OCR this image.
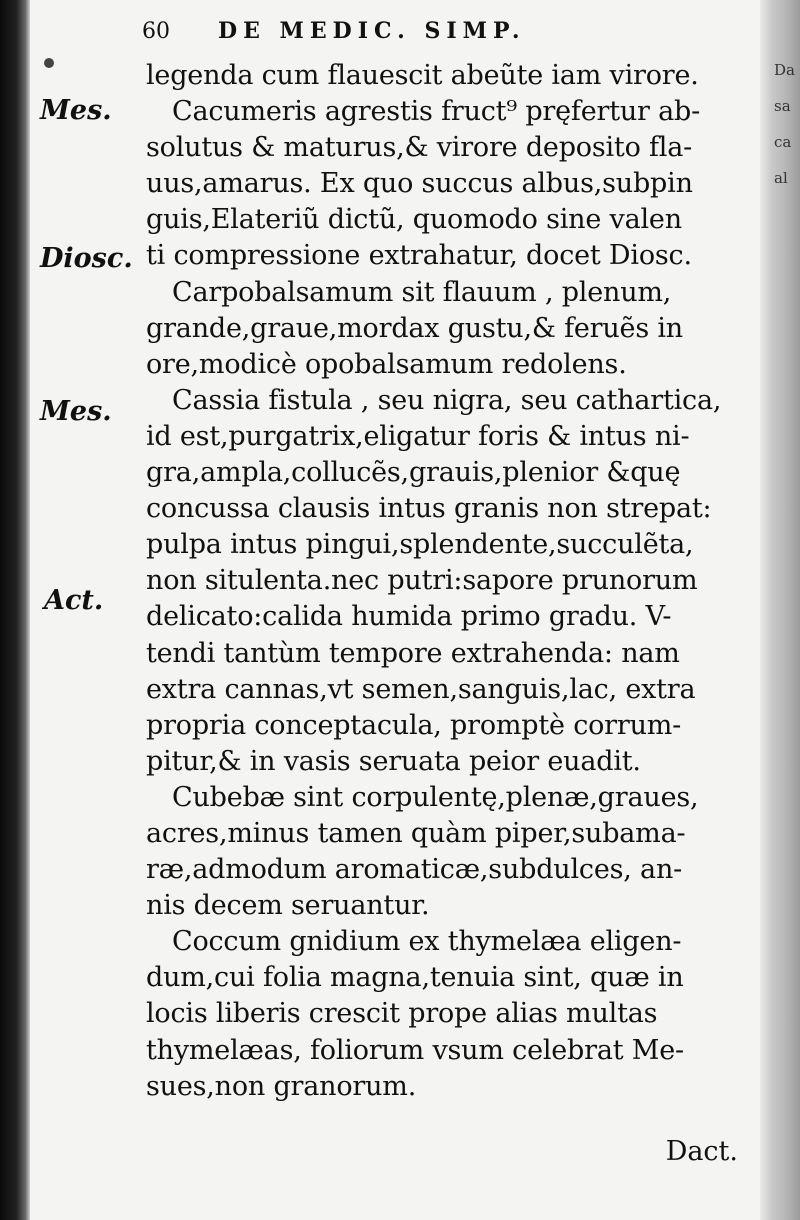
Da
sa
ca
al
60 DE MEDIC. SIMP.
Mes.
Diosc.
Mes.
Act.
legenda cum flauescit abeũte iam virore.
Cacumeris agrestis fruct⁹ pręfertur ab-
solutus & maturus,& virore deposito fla-
uus,amarus. Ex quo succus albus,subpin
guis,Elateriũ dictũ, quomodo sine valen
ti compressione extrahatur, docet Diosc.
Carpobalsamum sit flauum , plenum,
grande,graue,mordax gustu,& feruẽs in
ore,modicè opobalsamum redolens.
Cassia fistula , seu nigra, seu cathartica,
id est,purgatrix,eligatur foris & intus ni-
gra,ampla,collucẽs,grauis,plenior &quę
concussa clausis intus granis non strepat:
pulpa intus pingui,splendente,succulẽta,
non situlenta.nec putri:sapore prunorum
delicato:calida humida primo gradu. V-
tendi tantùm tempore extrahenda: nam
extra cannas,vt semen,sanguis,lac, extra
propria conceptacula, promptè corrum-
pitur,& in vasis seruata peior euadit.
Cubebæ sint corpulentę,plenæ,graues,
acres,minus tamen quàm piper,subama-
ræ,admodum aromaticæ,subdulces, an-
nis decem seruantur.
Coccum gnidium ex thymelæa eligen-
dum,cui folia magna,tenuia sint, quæ in
locis liberis crescit prope alias multas
thymelæas, foliorum vsum celebrat Me-
sues,non granorum.
Dact.
